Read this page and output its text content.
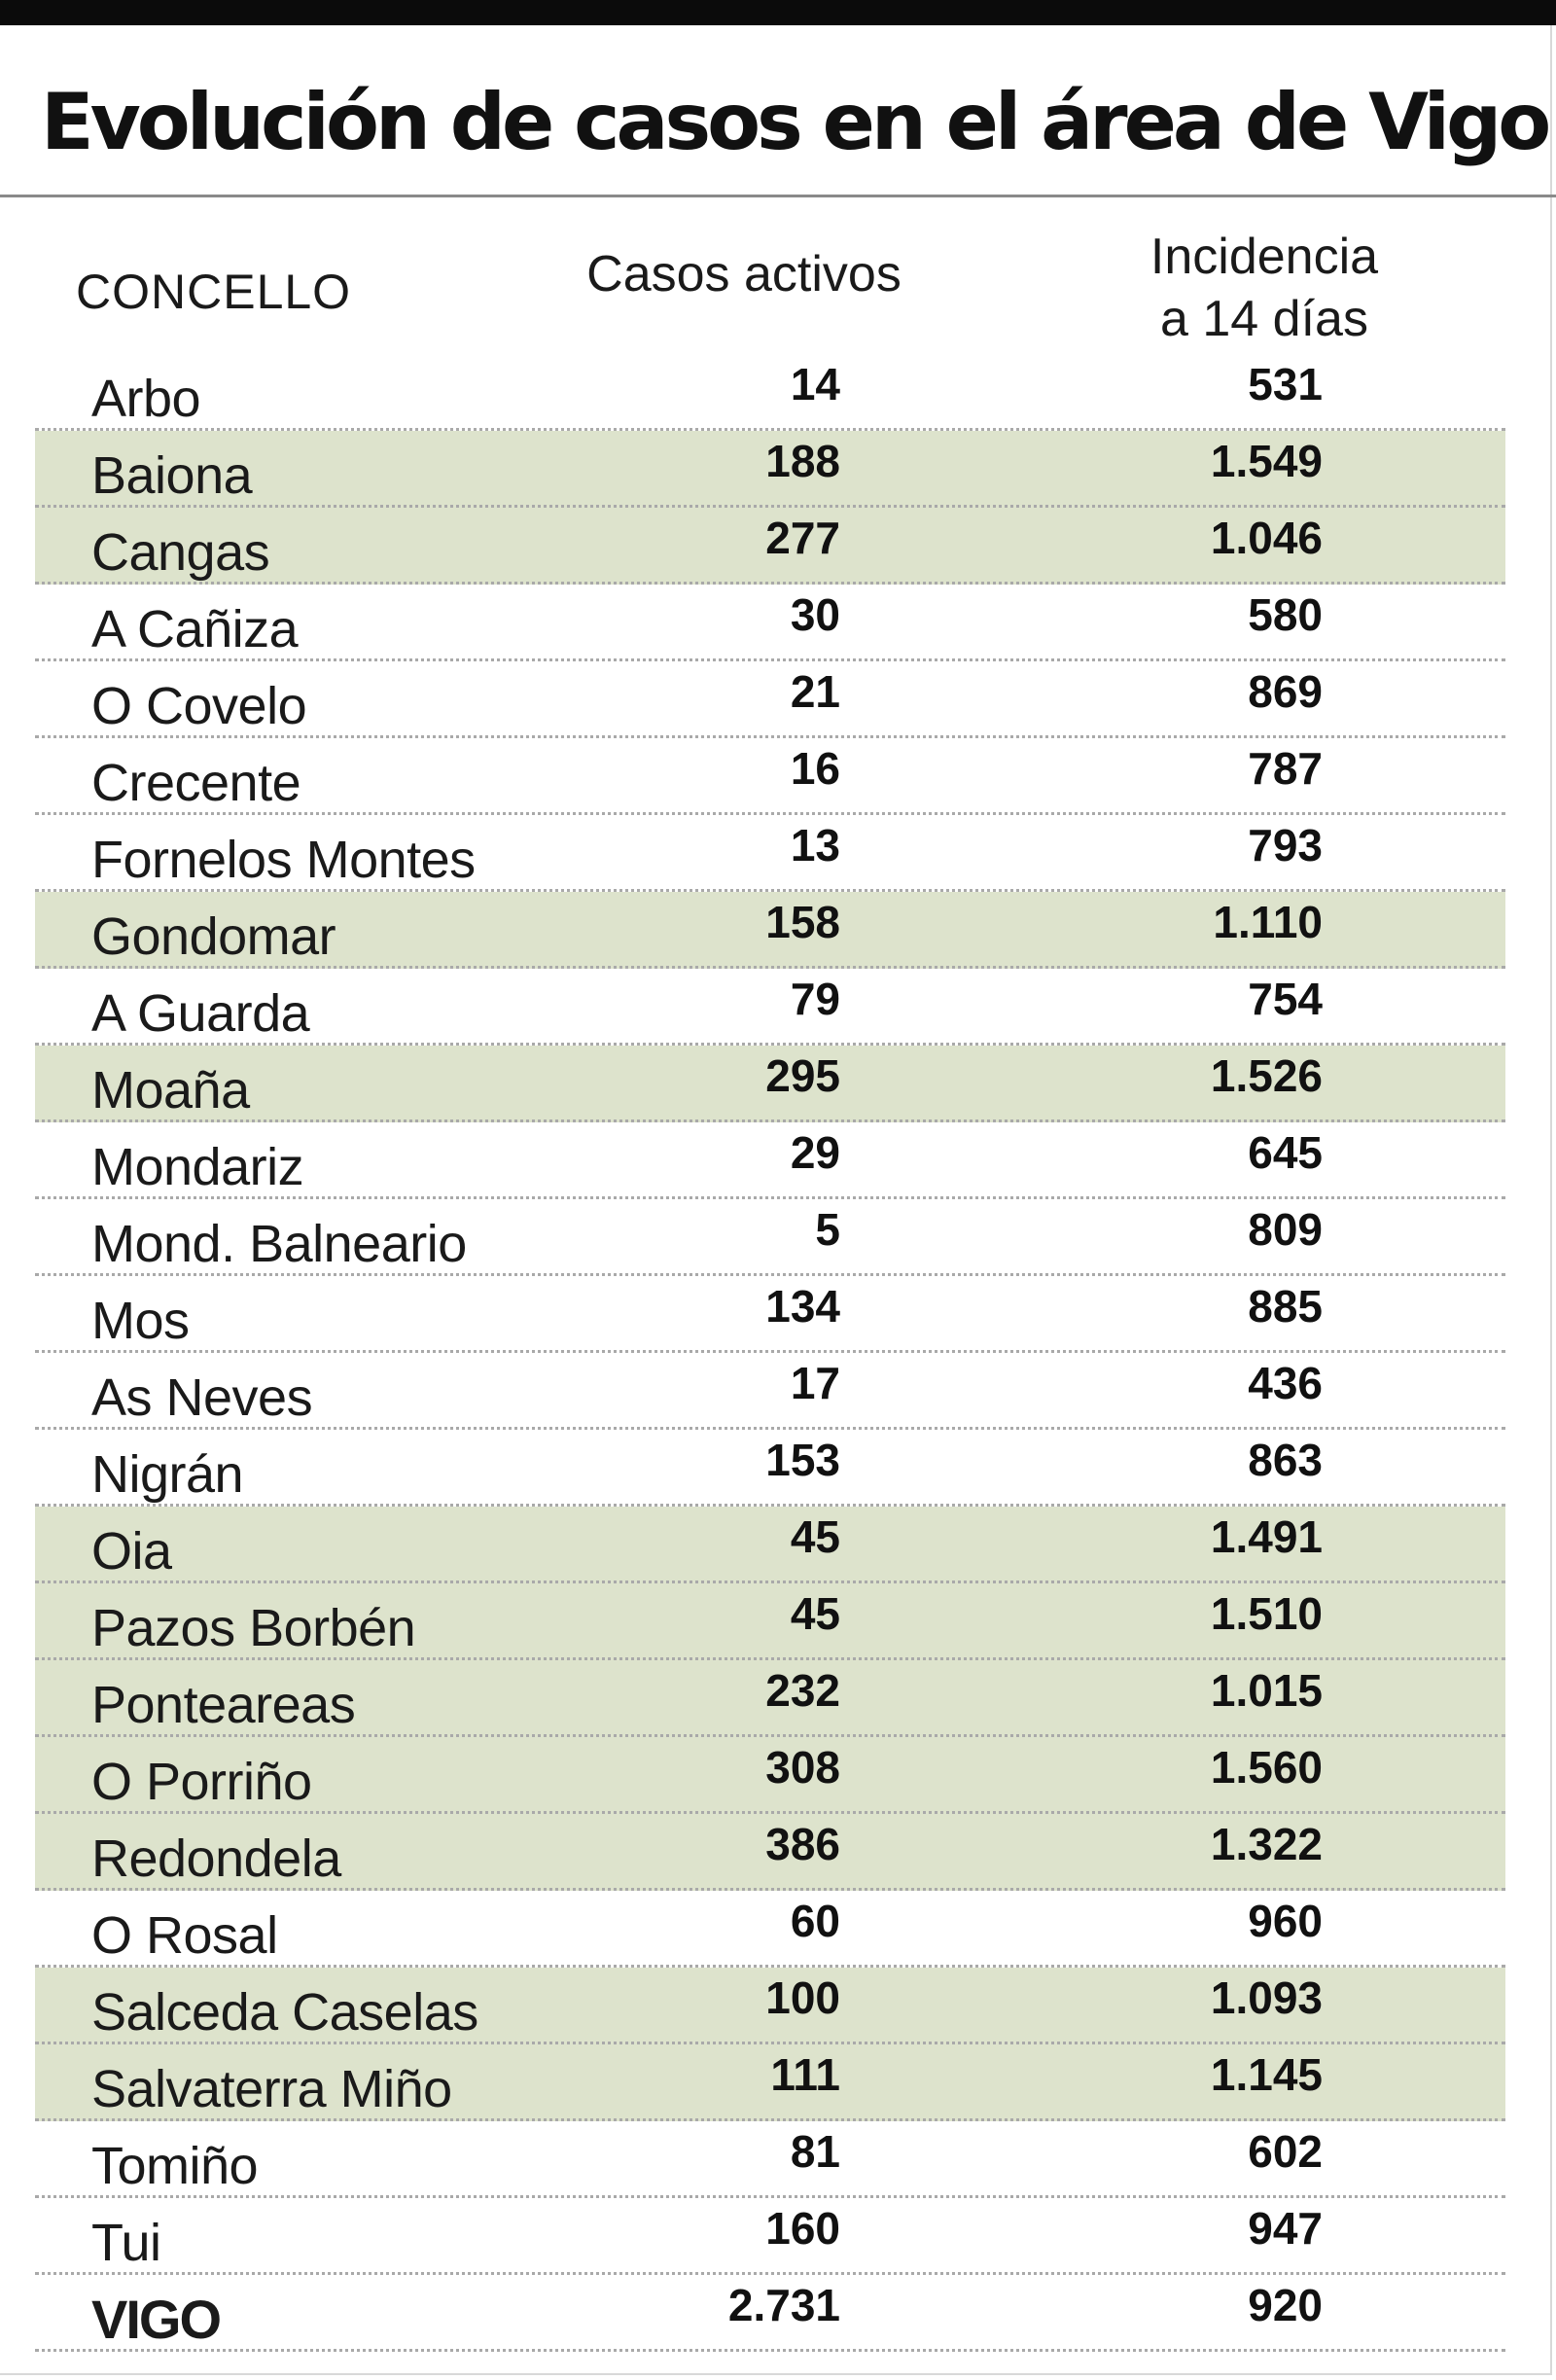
Evolución de casos en el área de Vigo
CONCELLO	Casos activos	Incidencia
a 14 días
Arbo	14	531
Baiona	188	1.549
Cangas	277	1.046
A Cañiza	30	580
O Covelo	21	869
Crecente	16	787
Fornelos Montes	13	793
Gondomar	158	1.110
A Guarda	79	754
Moaña	295	1.526
Mondariz	29	645
Mond. Balneario	5	809
Mos	134	885
As Neves	17	436
Nigrán	153	863
Oia	45	1.491
Pazos Borbén	45	1.510
Ponteareas	232	1.015
O Porriño	308	1.560
Redondela	386	1.322
O Rosal	60	960
Salceda Caselas	100	1.093
Salvaterra Miño	111	1.145
Tomiño	81	602
Tui	160	947
VIGO	2.731	920
